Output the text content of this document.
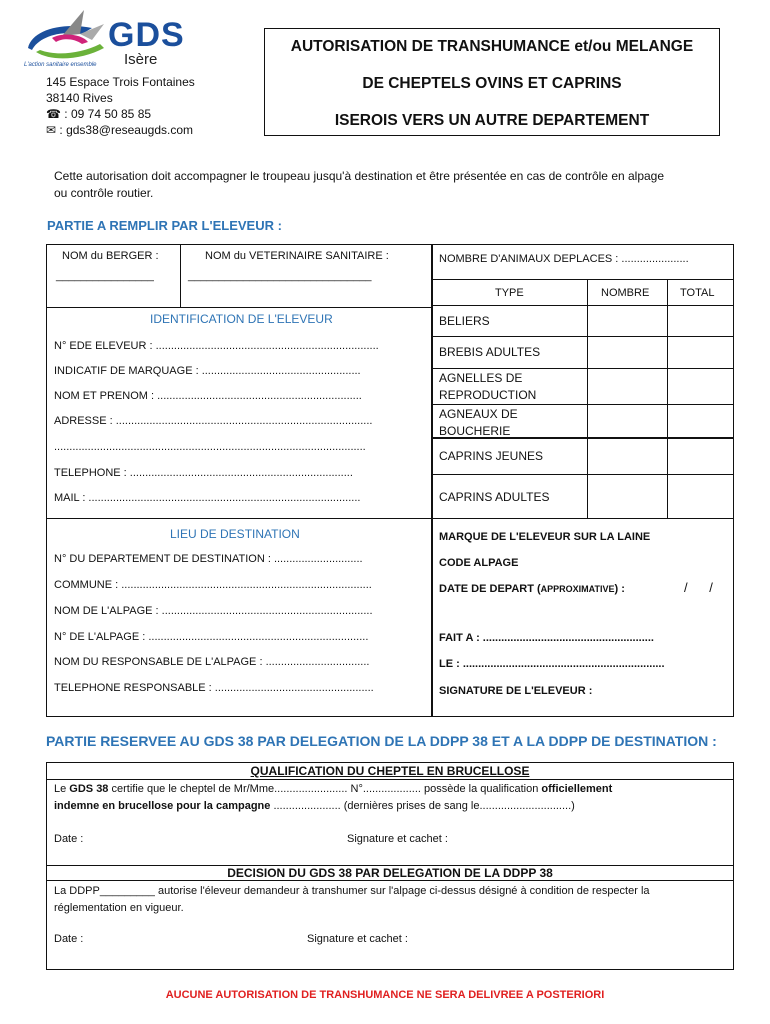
GDS
Isère
L'action sanitaire ensemble
145 Espace Trois Fontaines
38140 Rives
☎ : 09 74 50 85 85
✉ : gds38@reseaugds.com
AUTORISATION DE TRANSHUMANCE et/ou MELANGE
DE CHEPTELS OVINS ET CAPRINS
ISEROIS VERS UN AUTRE DEPARTEMENT
Cette autorisation doit accompagner le troupeau jusqu'à destination et être présentée en cas de contrôle en alpage
ou contrôle routier.
PARTIE A REMPLIR PAR L'ELEVEUR :
NOM du BERGER :
________________
NOM du VETERINAIRE SANITAIRE :
______________________________
NOMBRE D'ANIMAUX DEPLACES : ......................
TYPE	NOMBRE	TOTAL
IDENTIFICATION DE L'ELEVEUR
N° EDE ELEVEUR : .........................................................................
INDICATIF DE MARQUAGE : ....................................................
NOM ET PRENOM : ...................................................................
ADRESSE : ....................................................................................
......................................................................................................
TELEPHONE : .........................................................................
MAIL : .........................................................................................
BELIERS
BREBIS ADULTES
AGNELLES DE REPRODUCTION
AGNEAUX DE BOUCHERIE
CAPRINS JEUNES
CAPRINS ADULTES
LIEU DE DESTINATION
N° DU DEPARTEMENT DE DESTINATION : .............................
COMMUNE : ..................................................................................
NOM DE L'ALPAGE : .....................................................................
N° DE L'ALPAGE : ........................................................................
NOM DU RESPONSABLE DE L'ALPAGE : ..................................
TELEPHONE RESPONSABLE : ....................................................
MARQUE DE L'ELEVEUR SUR LA LAINE
CODE ALPAGE
DATE DE DEPART (APPROXIMATIVE) :	/      /
FAIT A : ........................................................
LE : ..................................................................
SIGNATURE DE L'ELEVEUR :
PARTIE RESERVEE AU GDS 38 PAR DELEGATION DE LA DDPP 38 ET A LA DDPP DE DESTINATION :
QUALIFICATION DU CHEPTEL EN BRUCELLOSE
Le GDS 38 certifie que le cheptel de Mr/Mme........................ N°................... possède la qualification officiellement
indemne en brucellose pour la campagne ...................... (dernières prises de sang le..............................)
Date :	Signature et cachet :
DECISION DU GDS 38 PAR DELEGATION DE LA DDPP 38
La DDPP_________ autorise l'éleveur demandeur à transhumer sur l'alpage ci-dessus désigné à condition de respecter la
réglementation en vigueur.
Date :	Signature et cachet :
AUCUNE AUTORISATION DE TRANSHUMANCE NE SERA DELIVREE A POSTERIORI
